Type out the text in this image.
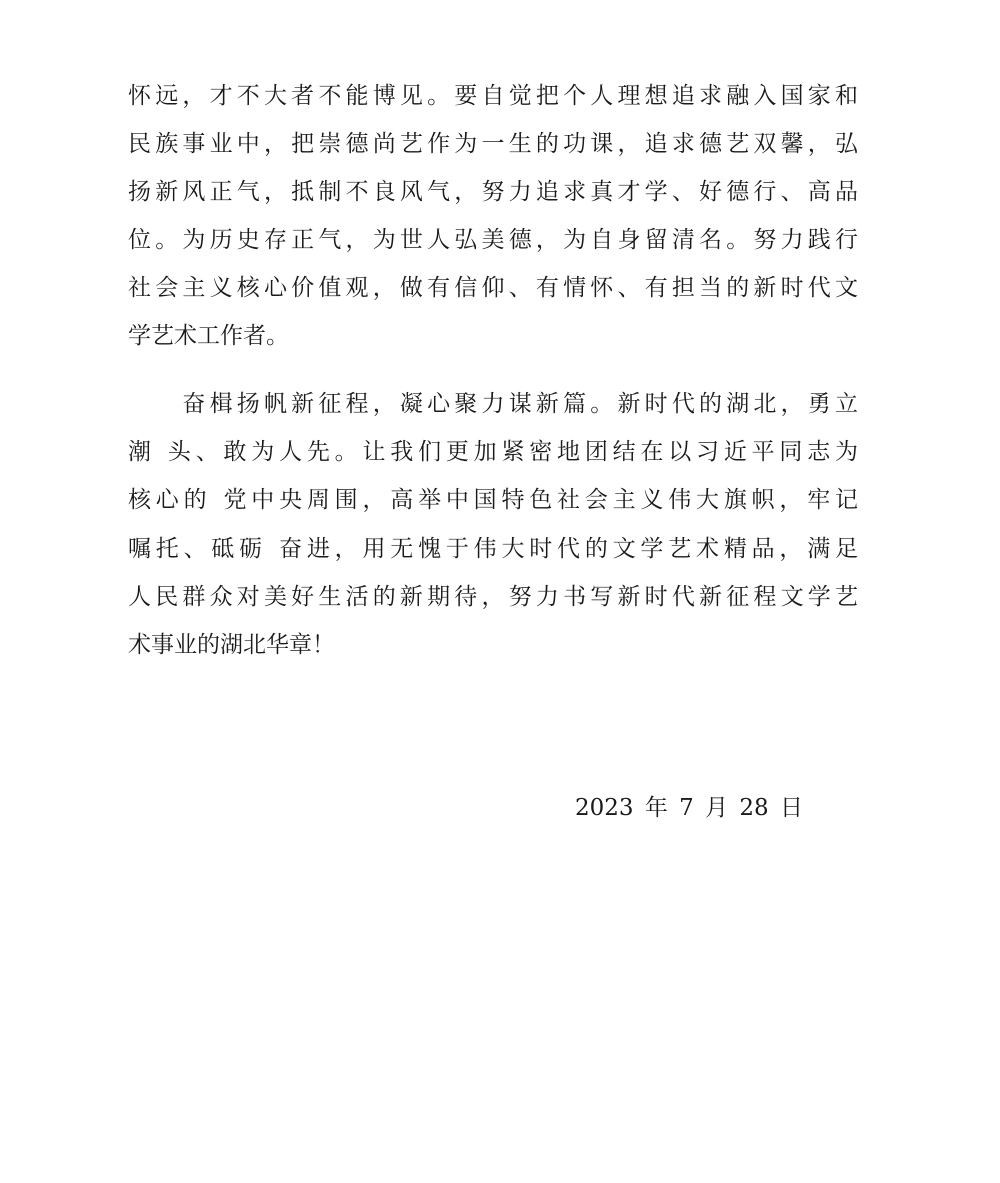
怀远，才不大者不能博见。要自觉把个人理想追求融入国家和
民族事业中，把崇德尚艺作为一生的功课，追求德艺双馨，弘
扬新风正气，抵制不良风气，努力追求真才学、好德行、高品
位。为历史存正气，为世人弘美德，为自身留清名。努力践行
社会主义核心价值观，做有信仰、有情怀、有担当的新时代文
学艺术工作者。
　　奋楫扬帆新征程，凝心聚力谋新篇。新时代的湖北，勇立
潮 头、敢为人先。让我们更加紧密地团结在以习近平同志为
核心的 党中央周围，高举中国特色社会主义伟大旗帜，牢记
嘱托、砥砺 奋进，用无愧于伟大时代的文学艺术精品，满足
人民群众对美好生活的新期待，努力书写新时代新征程文学艺
术事业的湖北华章！
2023 年 7 月 28 日
